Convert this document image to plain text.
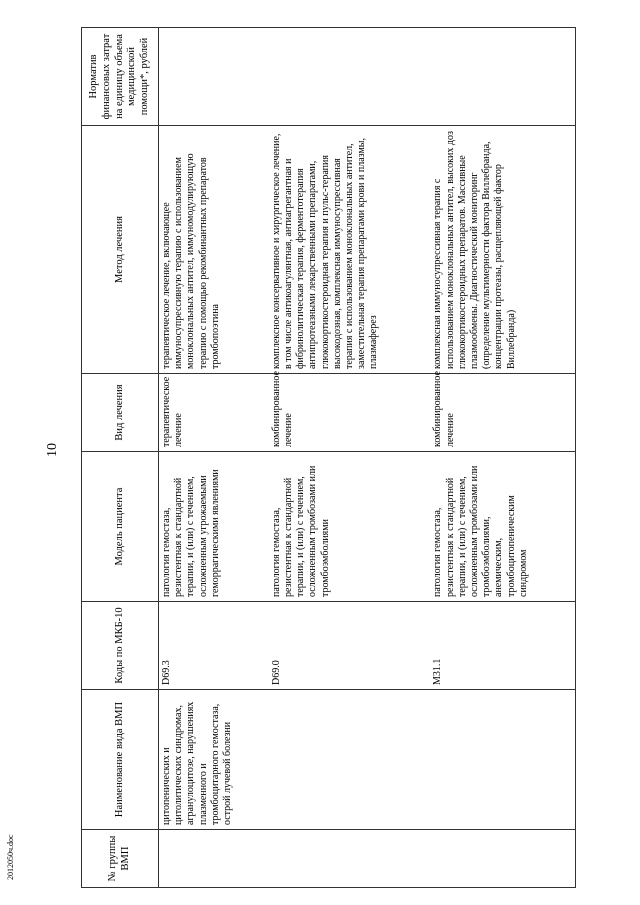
10
2012050ч.doc	№ группы ВМП	Наименование вида ВМП	Коды по МКБ-10	Модель пациента	Вид лечения	Метод лечения	Норматив финансовых затрат на единицу объема медицинской помощи*, рублей
	цитопенических и цитолитических синдромах, агранулоцитозе, нарушениях плазменного и тромбоцитарного гемостаза, острой лучевой болезни	D69.3	патология гемостаза, резистентная к стандартной терапии, и (или) с течением, осложненным угрожаемыми геморрагическими явлениями	терапевтическое лечение	терапевтическое лечение, включающее иммуносупрессивную терапию с использованием моноклональных антител, иммуномодулирующую терапию с помощью рекомбинантных препаратов тромбопоэтина	
		D69.0	патология гемостаза, резистентная к стандартной терапии, и (или) с течением, осложненным тромбозами или тромбоэмболиями	комбинированное лечение	комплексное консервативное и хирургическое лечение, в том числе антикоагулянтная, антиагрегантная и фибринолитическая терапия, ферментотерапия антипротеазными лекарственными препаратами, глюкокортикостероидная терапия и пульс-терапия высокодозная, комплексная иммуносупрессивная терапия с использованием моноклональных антител, заместительная терапия препаратами крови и плазмы, плазмаферез	
		M31.1	патология гемостаза, резистентная к стандартной терапии, и (или) с течением, осложненным тромбозами или тромбоэмболиями, анемическим, тромбоцитопеническим синдромом	комбинированное лечение	комплексная иммуносупрессивная терапия с использованием моноклональных антител, высоких доз глюкокортикостероидных препаратов. Массивные плазмообмены. Диагностический мониторинг (определение мультимерности фактора Виллебранда, концентрации протеазы, расщепляющей фактор Виллебранда)	
